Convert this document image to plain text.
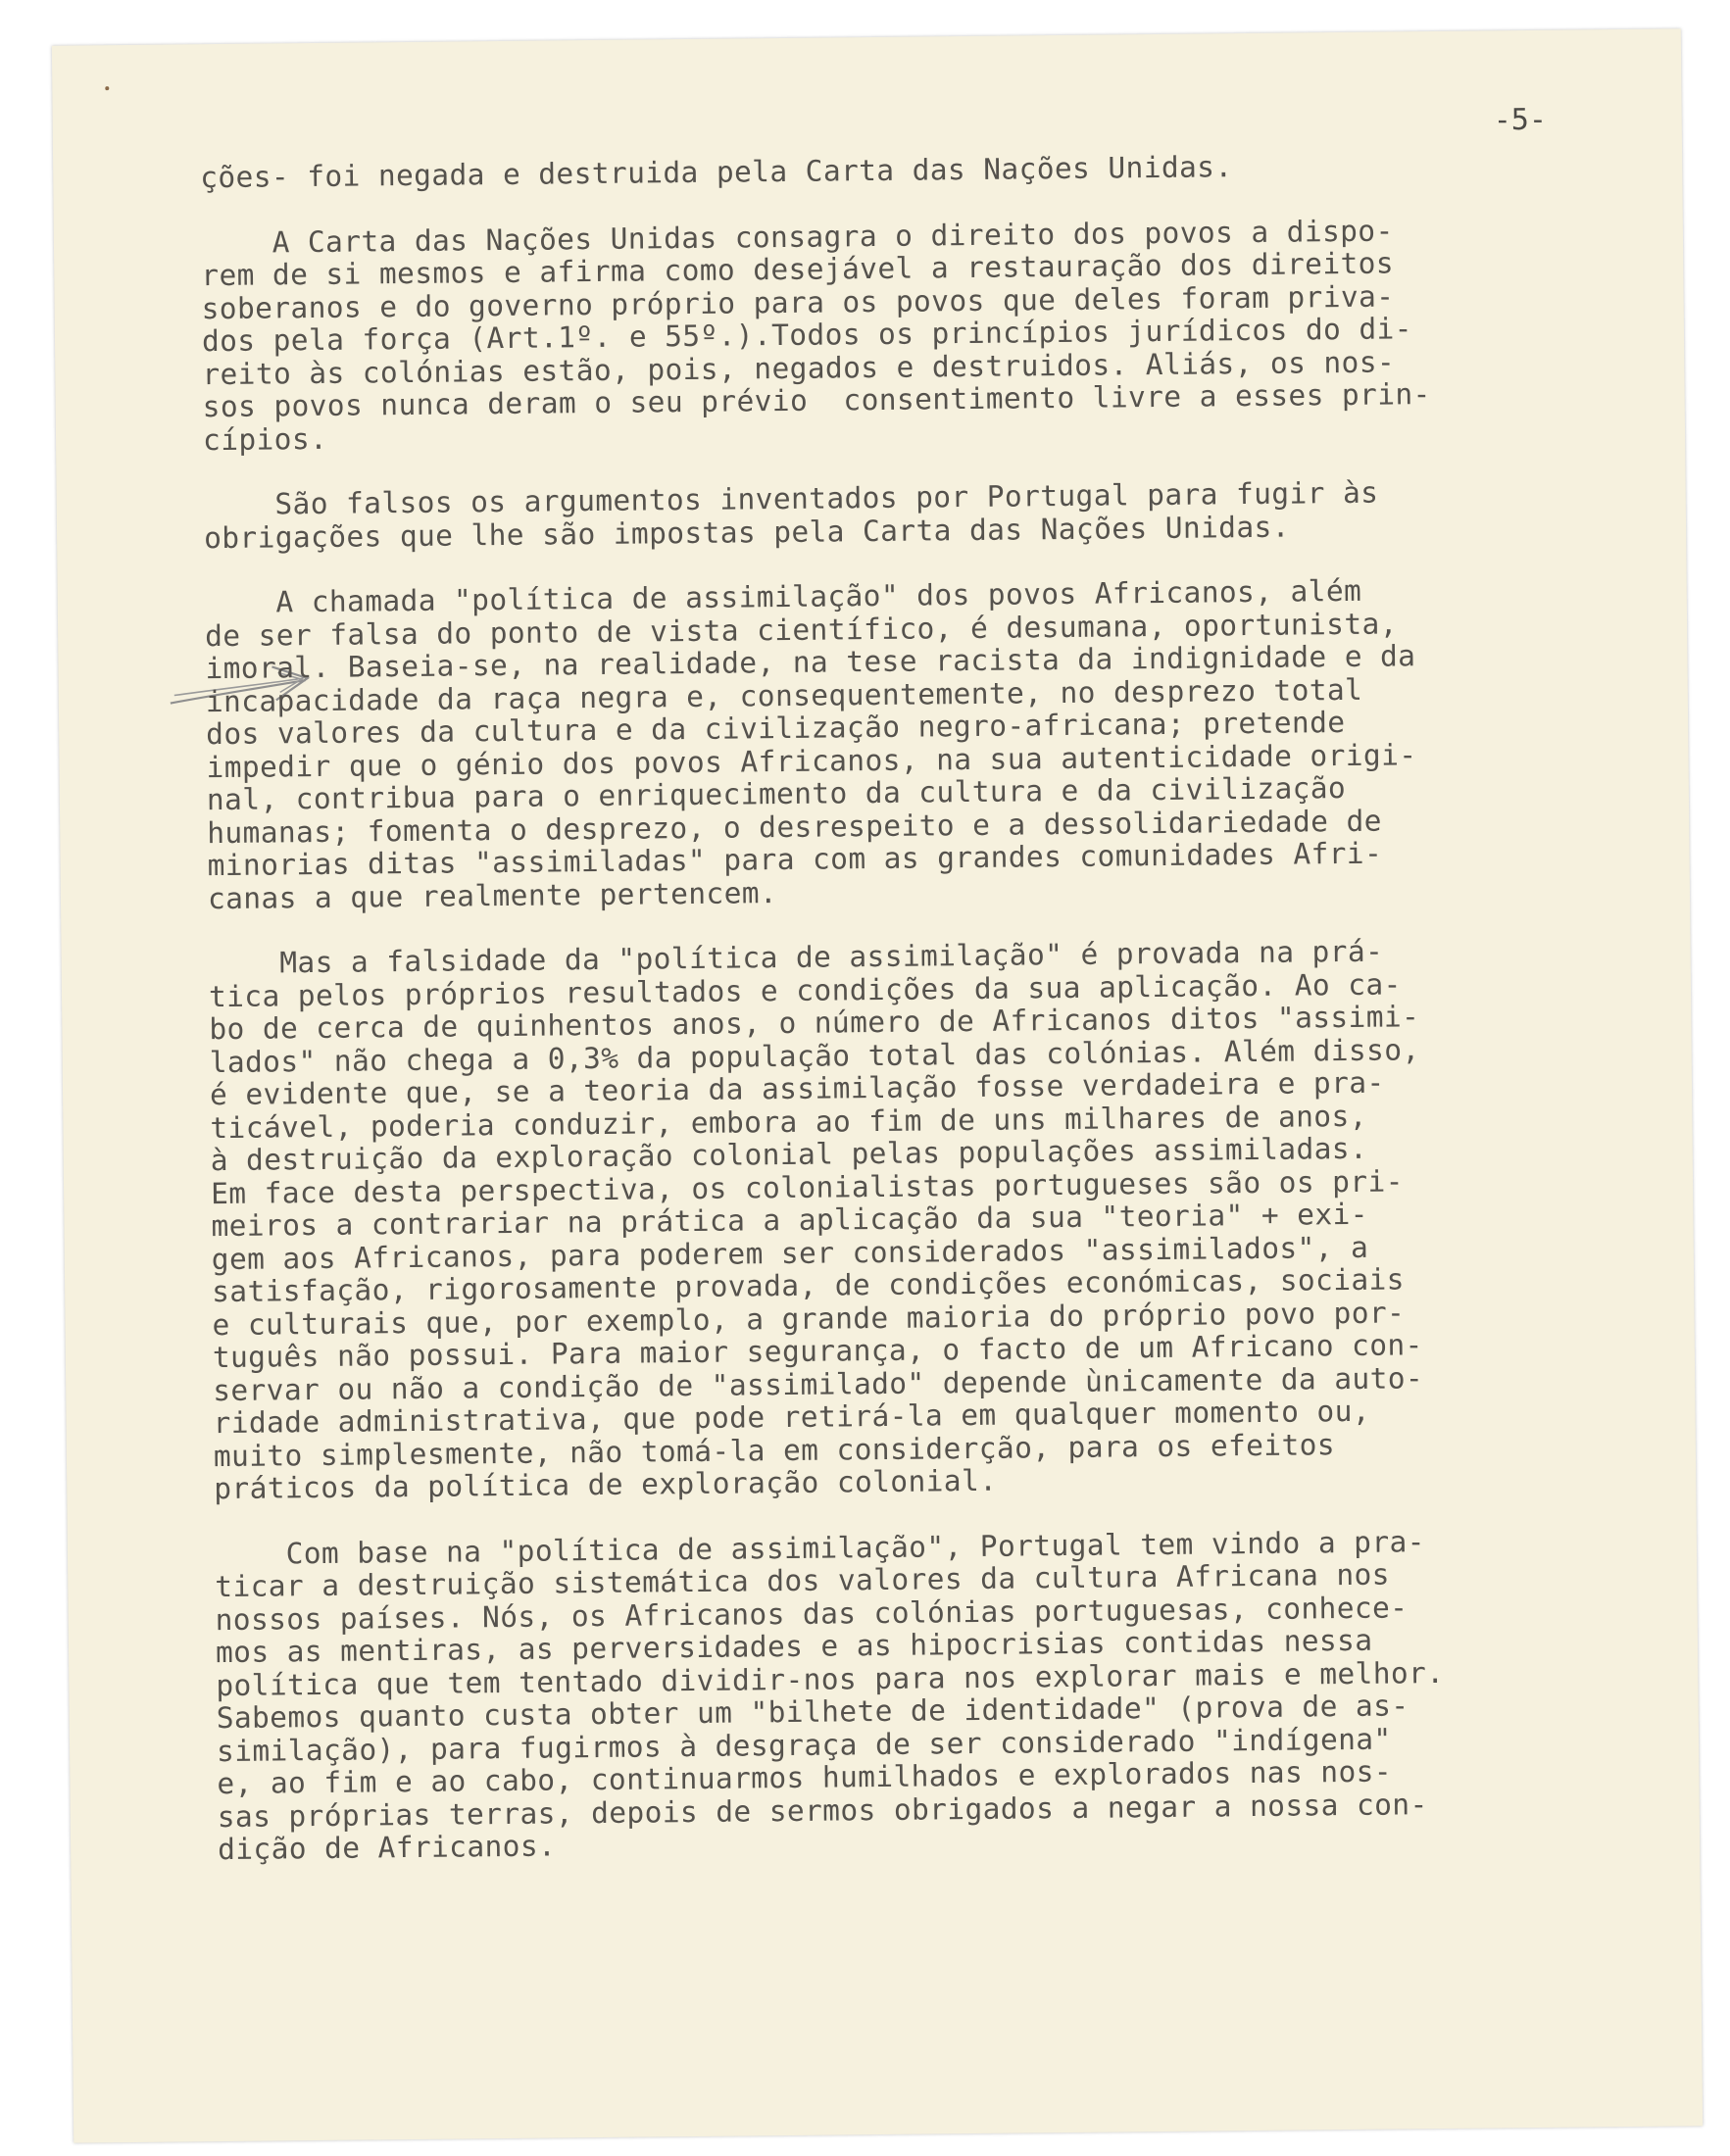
-5-
ções- foi negada e destruida pela Carta das Nações Unidas.
A Carta das Nações Unidas consagra o direito dos povos a dispo-
rem de si mesmos e afirma como desejável a restauração dos direitos
soberanos e do governo próprio para os povos que deles foram priva-
dos pela força (Art.1º. e 55º.).Todos os princípios jurídicos do di-
reito às colónias estão, pois, negados e destruidos. Aliás, os nos-
sos povos nunca deram o seu prévio  consentimento livre a esses prin-
cípios.
São falsos os argumentos inventados por Portugal para fugir às
obrigações que lhe são impostas pela Carta das Nações Unidas.
A chamada "política de assimilação" dos povos Africanos, além
de ser falsa do ponto de vista científico, é desumana, oportunista,
imoral. Baseia-se, na realidade, na tese racista da indignidade e da
incapacidade da raça negra e, consequentemente, no desprezo total
dos valores da cultura e da civilização negro-africana; pretende
impedir que o génio dos povos Africanos, na sua autenticidade origi-
nal, contribua para o enriquecimento da cultura e da civilização
humanas; fomenta o desprezo, o desrespeito e a dessolidariedade de
minorias ditas "assimiladas" para com as grandes comunidades Afri-
canas a que realmente pertencem.
Mas a falsidade da "política de assimilação" é provada na prá-
tica pelos próprios resultados e condições da sua aplicação. Ao ca-
bo de cerca de quinhentos anos, o número de Africanos ditos "assimi-
lados" não chega a 0,3% da população total das colónias. Além disso,
é evidente que, se a teoria da assimilação fosse verdadeira e pra-
ticável, poderia conduzir, embora ao fim de uns milhares de anos,
à destruição da exploração colonial pelas populações assimiladas.
Em face desta perspectiva, os colonialistas portugueses são os pri-
meiros a contrariar na prática a aplicação da sua "teoria" + exi-
gem aos Africanos, para poderem ser considerados "assimilados", a
satisfação, rigorosamente provada, de condições económicas, sociais
e culturais que, por exemplo, a grande maioria do próprio povo por-
tuguês não possui. Para maior segurança, o facto de um Africano con-
servar ou não a condição de "assimilado" depende ùnicamente da auto-
ridade administrativa, que pode retirá-la em qualquer momento ou,
muito simplesmente, não tomá-la em considerção, para os efeitos
práticos da política de exploração colonial.
Com base na "política de assimilação", Portugal tem vindo a pra-
ticar a destruição sistemática dos valores da cultura Africana nos
nossos países. Nós, os Africanos das colónias portuguesas, conhece-
mos as mentiras, as perversidades e as hipocrisias contidas nessa
política que tem tentado dividir-nos para nos explorar mais e melhor.
Sabemos quanto custa obter um "bilhete de identidade" (prova de as-
similação), para fugirmos à desgraça de ser considerado "indígena"
e, ao fim e ao cabo, continuarmos humilhados e explorados nas nos-
sas próprias terras, depois de sermos obrigados a negar a nossa con-
dição de Africanos.
